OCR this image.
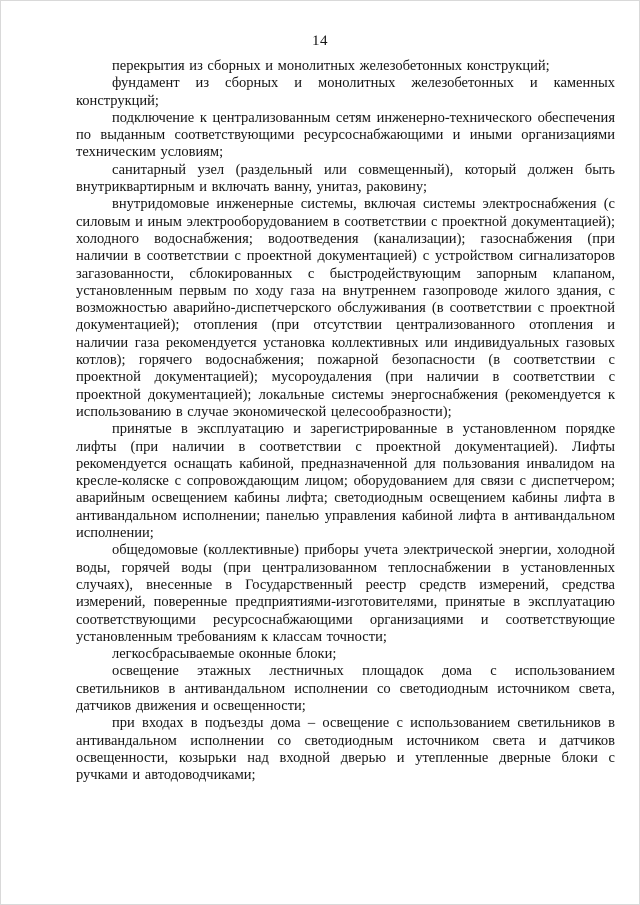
14

перекрытия из сборных и монолитных железобетонных конструкций;

фундамент из сборных и монолитных железобетонных и каменных конструкций;

подключение к централизованным сетям инженерно-технического обеспечения по выданным соответствующими ресурсоснабжающими и иными организациями техническим условиям;

санитарный узел (раздельный или совмещенный), который должен быть внутриквартирным и включать ванну, унитаз, раковину;

внутридомовые инженерные системы, включая системы электроснабжения (с силовым и иным электрооборудованием в соответствии с проектной документацией); холодного водоснабжения; водоотведения (канализации); газоснабжения (при наличии в соответствии с проектной документацией) с устройством сигнализаторов загазованности, сблокированных с быстродействующим запорным клапаном, установленным первым по ходу газа на внутреннем газопроводе жилого здания, с возможностью аварийно-диспетчерского обслуживания (в соответствии с проектной документацией); отопления (при отсутствии централизованного отопления и наличии газа рекомендуется установка коллективных или индивидуальных газовых котлов); горячего водоснабжения; пожарной безопасности (в соответствии с проектной документацией); мусороудаления (при наличии в соответствии с проектной документацией); локальные системы энергоснабжения (рекомендуется к использованию в случае экономической целесообразности);

принятые в эксплуатацию и зарегистрированные в установленном порядке лифты (при наличии в соответствии с проектной документацией). Лифты рекомендуется оснащать кабиной, предназначенной для пользования инвалидом на кресле-коляске с сопровождающим лицом; оборудованием для связи с диспетчером; аварийным освещением кабины лифта; светодиодным освещением кабины лифта в антивандальном исполнении; панелью управления кабиной лифта в антивандальном исполнении;

общедомовые (коллективные) приборы учета электрической энергии, холодной воды, горячей воды (при централизованном теплоснабжении в установленных случаях), внесенные в Государственный реестр средств измерений, средства измерений, поверенные предприятиями-изготовителями, принятые в эксплуатацию соответствующими ресурсоснабжающими организациями и соответствующие установленным требованиям к классам точности;

легкосбрасываемые оконные блоки;

освещение этажных лестничных площадок дома с использованием светильников в антивандальном исполнении со светодиодным источником света, датчиков движения и освещенности;

при входах в подъезды дома – освещение с использованием светильников в антивандальном исполнении со светодиодным источником света и датчиков освещенности, козырьки над входной дверью и утепленные дверные блоки с ручками и автодоводчиками;
